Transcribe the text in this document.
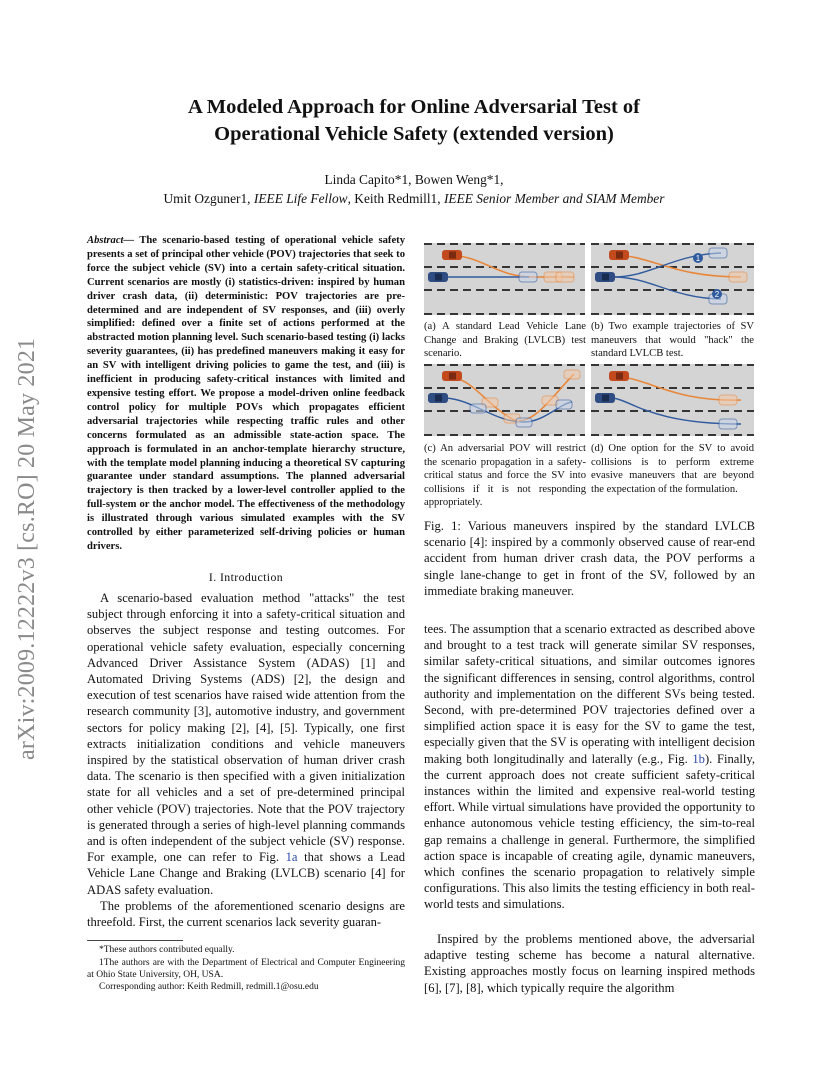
arXiv:2009.12222v3 [cs.RO] 20 May 2021
A Modeled Approach for Online Adversarial Test of
Operational Vehicle Safety (extended version)
Linda Capito*1, Bowen Weng*1,
Umit Ozguner1, IEEE Life Fellow, Keith Redmill1, IEEE Senior Member and SIAM Member

Abstract— The scenario-based testing of operational vehicle safety presents a set of principal other vehicle (POV) trajectories that seek to force the subject vehicle (SV) into a certain safety-critical situation. Current scenarios are mostly (i) statistics-driven: inspired by human driver crash data, (ii) deterministic: POV trajectories are pre-determined and are independent of SV responses, and (iii) overly simplified: defined over a finite set of actions performed at the abstracted motion planning level. Such scenario-based testing (i) lacks severity guarantees, (ii) has predefined maneuvers making it easy for an SV with intelligent driving policies to game the test, and (iii) is inefficient in producing safety-critical instances with limited and expensive testing effort. We propose a model-driven online feedback control policy for multiple POVs which propagates efficient adversarial trajectories while respecting traffic rules and other concerns formulated as an admissible state-action space. The approach is formulated in an anchor-template hierarchy structure, with the template model planning inducing a theoretical SV capturing guarantee under standard assumptions. The planned adversarial trajectory is then tracked by a lower-level controller applied to the full-system or the anchor model. The effectiveness of the methodology is illustrated through various simulated examples with the SV controlled by either parameterized self-driving policies or human drivers.

I. Introduction

A scenario-based evaluation method "attacks" the test subject through enforcing it into a safety-critical situation and observes the subject response and testing outcomes. For operational vehicle safety evaluation, especially concerning Advanced Driver Assistance System (ADAS) [1] and Automated Driving Systems (ADS) [2], the design and execution of test scenarios have raised wide attention from the research community [3], automotive industry, and government sectors for policy making [2], [4], [5]. Typically, one first extracts initialization conditions and vehicle maneuvers inspired by the statistical observation of human driver crash data. The scenario is then specified with a given initialization state for all vehicles and a set of pre-determined principal other vehicle (POV) trajectories. Note that the POV trajectory is generated through a series of high-level planning commands and is often independent of the subject vehicle (SV) response. For example, one can refer to Fig. 1a that shows a Lead Vehicle Lane Change and Braking (LVLCB) scenario [4] for ADAS safety evaluation.

The problems of the aforementioned scenario designs are threefold. First, the current scenarios lack severity guaran-

*These authors contributed equally.

1The authors are with the Department of Electrical and Computer Engineering at Ohio State University, OH, USA.

Corresponding author: Keith Redmill, redmill.1@osu.edu

1
2

(a) A standard Lead Vehicle Lane Change and Braking (LVLCB) test scenario.

(b) Two example trajectories of SV maneuvers that would "hack" the standard LVLCB test.

(c) An adversarial POV will restrict the scenario propagation in a safety-critical status and force the SV into collisions if it is not responding appropriately.

(d) One option for the SV to avoid collisions is to perform extreme evasive maneuvers that are beyond the expectation of the formulation.

Fig. 1: Various maneuvers inspired by the standard LVLCB scenario [4]: inspired by a commonly observed cause of rear-end accident from human driver crash data, the POV performs a single lane-change to get in front of the SV, followed by an immediate braking maneuver.

tees. The assumption that a scenario extracted as described above and brought to a test track will generate similar SV responses, similar safety-critical situations, and similar outcomes ignores the significant differences in sensing, control algorithms, control authority and implementation on the different SVs being tested. Second, with pre-determined POV trajectories defined over a simplified action space it is easy for the SV to game the test, especially given that the SV is operating with intelligent decision making both longitudinally and laterally (e.g., Fig. 1b). Finally, the current approach does not create sufficient safety-critical instances within the limited and expensive real-world testing effort. While virtual simulations have provided the opportunity to enhance autonomous vehicle testing efficiency, the sim-to-real gap remains a challenge in general. Furthermore, the simplified action space is incapable of creating agile, dynamic maneuvers, which confines the scenario propagation to relatively simple configurations. This also limits the testing efficiency in both real-world tests and simulations.

Inspired by the problems mentioned above, the adversarial adaptive testing scheme has become a natural alternative. Existing approaches mostly focus on learning inspired methods [6], [7], [8], which typically require the algorithm
